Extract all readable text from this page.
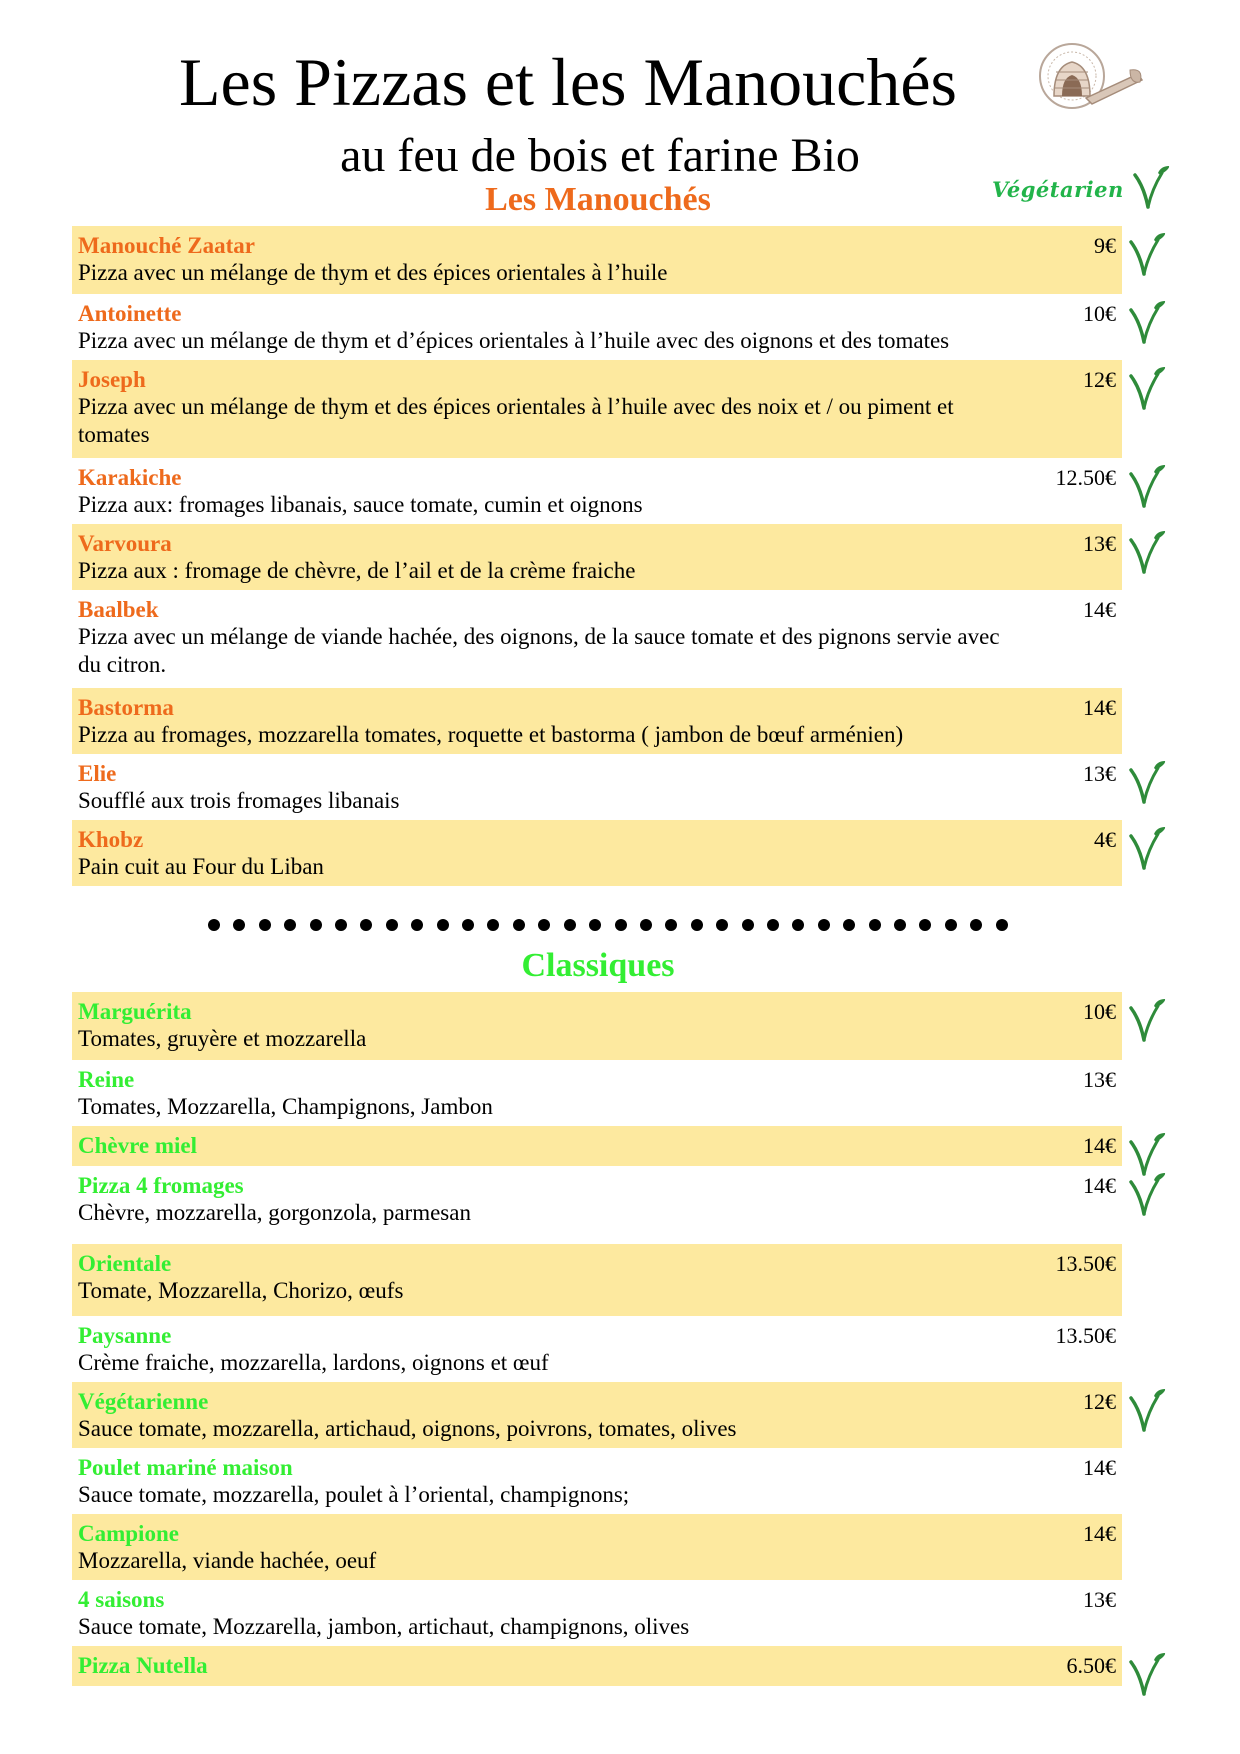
Les Pizzas et les Manouchés
au feu de bois et farine Bio
Végétarien
Les Manouchés
Manouché Zaatar
Pizza avec un mélange de thym et des épices orientales à l’huile
9€
Antoinette
Pizza avec un mélange de thym et d’épices orientales à l’huile avec des oignons et des tomates
10€
Joseph
Pizza avec un mélange de thym et des épices orientales à l’huile avec des noix et / ou piment et tomates
12€
Karakiche
Pizza aux: fromages libanais, sauce tomate, cumin et oignons
12.50€
Varvoura
Pizza aux : fromage de chèvre, de l’ail et de la crème fraiche
13€
Baalbek
Pizza avec un mélange de viande hachée, des oignons, de la sauce tomate et des pignons servie avec du citron.
14€
Bastorma
Pizza au fromages, mozzarella tomates, roquette et bastorma ( jambon de bœuf arménien)
14€
Elie
Soufflé aux trois fromages libanais
13€
Khobz
Pain cuit au Four du Liban
4€
Classiques
Marguérita
Tomates, gruyère et mozzarella
10€
Reine
Tomates, Mozzarella, Champignons, Jambon
13€
Chèvre miel	14€
Pizza 4 fromages
Chèvre, mozzarella, gorgonzola, parmesan
14€
Orientale
Tomate, Mozzarella, Chorizo, œufs
13.50€
Paysanne
Crème fraiche, mozzarella, lardons, oignons et œuf
13.50€
Végétarienne
Sauce tomate, mozzarella, artichaud, oignons, poivrons, tomates, olives
12€
Poulet mariné maison
Sauce tomate, mozzarella, poulet à l’oriental, champignons;
14€
Campione
Mozzarella, viande hachée, oeuf
14€
4 saisons
Sauce tomate, Mozzarella, jambon, artichaut, champignons, olives
13€
Pizza Nutella	6.50€
